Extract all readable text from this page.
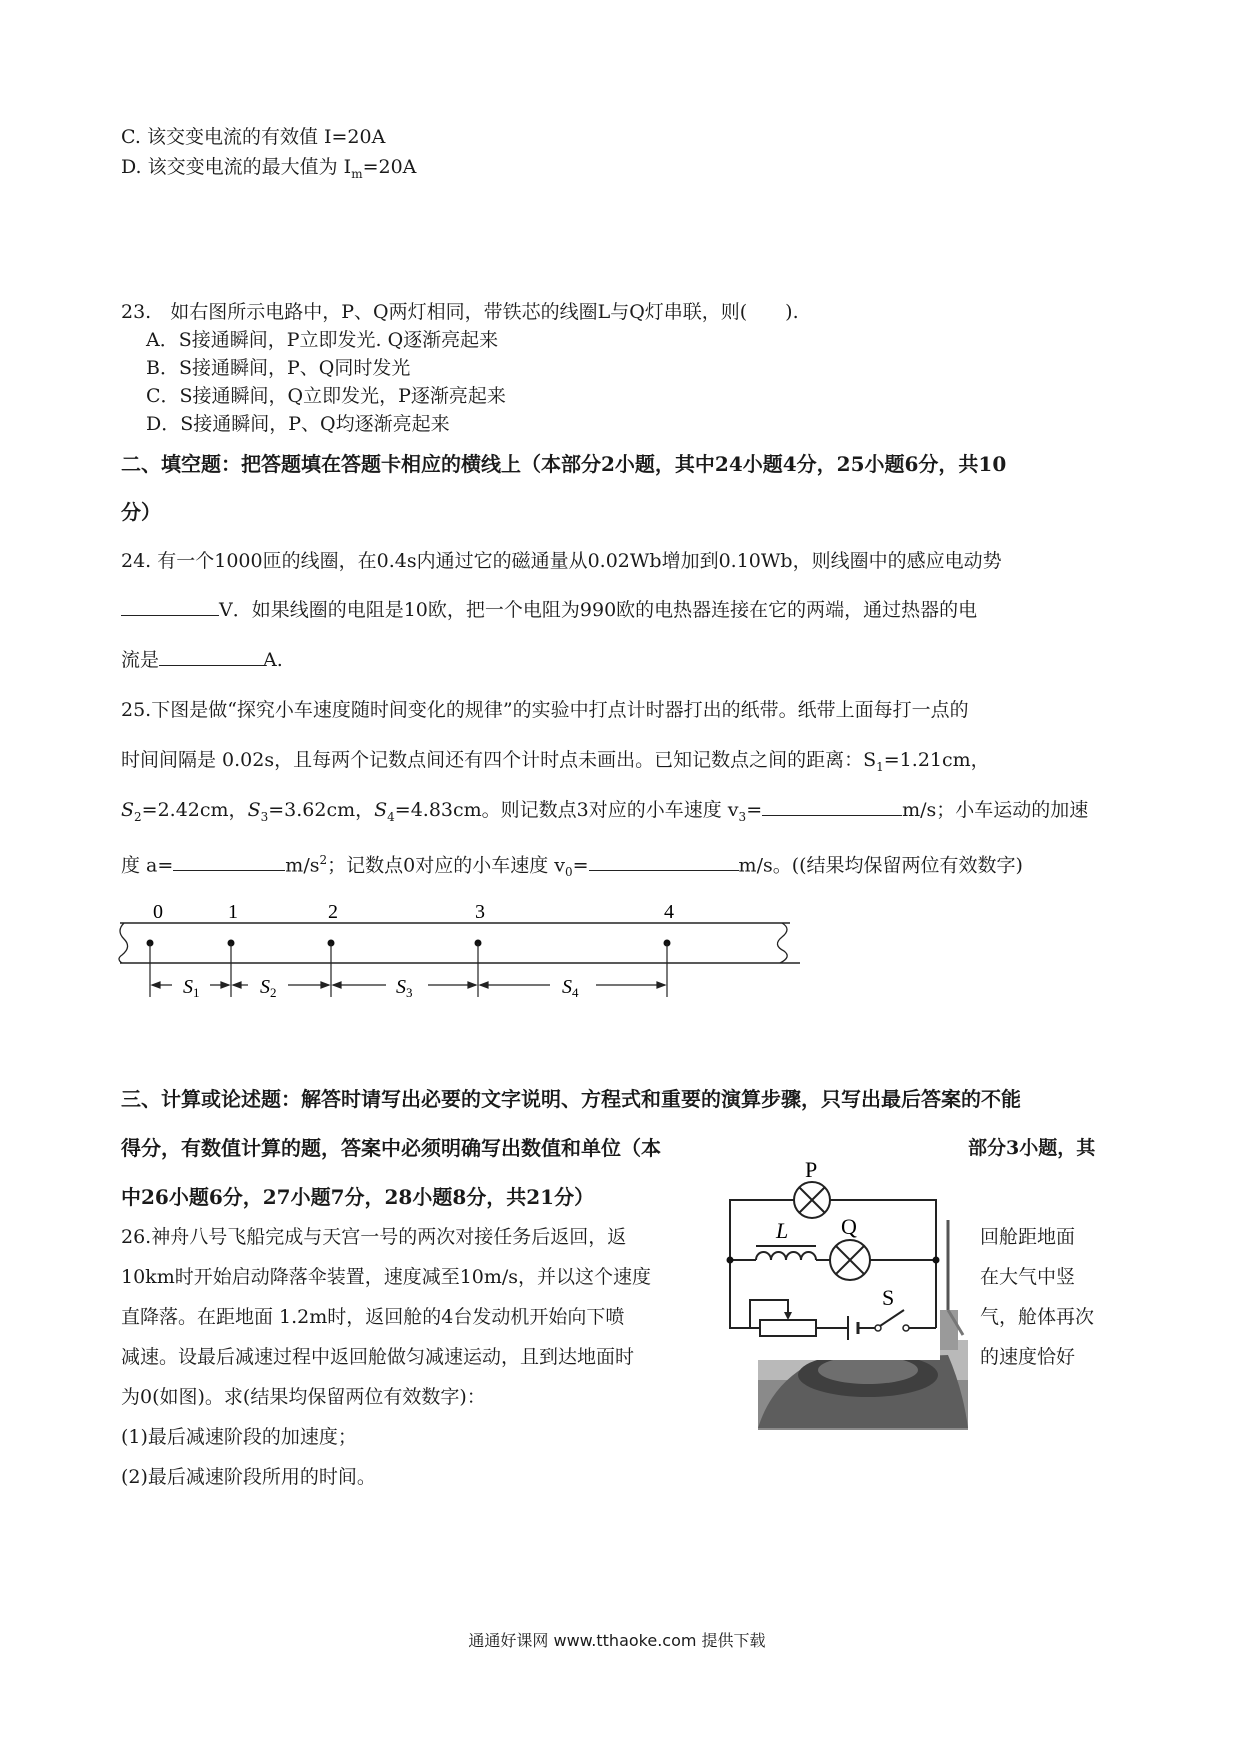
C. 该交变电流的有效值 I=20A
D. 该交变电流的最大值为 $I_m=20A$
23.　如右图所示电路中，P、Q两灯相同，带铁芯的线圈L与Q灯串联，则(　　).
A．S接通瞬间，P立即发光. Q逐渐亮起来
B．S接通瞬间，P、Q同时发光
C．S接通瞬间，Q立即发光，P逐渐亮起来
D．S接通瞬间，P、Q均逐渐亮起来
二、填空题：把答题填在答题卡相应的横线上（本部分2小题，其中24小题4分，25小题6分，共10
分）
24. 有一个1000匝的线圈，在0.4s内通过它的磁通量从0.02Wb增加到0.10Wb，则线圈中的感应电动势
V．如果线圈的电阻是10欧，把一个电阻为990欧的电热器连接在它的两端，通过热器的电
流是	A.
25.下图是做“探究小车速度随时间变化的规律”的实验中打点计时器打出的纸带。纸带上面每打一点的
时间间隔是 0.02s，且每两个记数点间还有四个计时点未画出。已知记数点之间的距离：$S_1=1.21cm$，
$S_2=2.42cm$，$S_3=3.62cm$，$S_4=4.83cm$。则记数点3对应的小车速度 $v_3=$	m/s；小车运动的加速
度 a=	$m/s^2$；记数点0对应的小车速度 $v_0=$	m/s。((结果均保留两位有效数字)
0	1	2	3	4
$S_1$	$S_2$	$S_3$	$S_4$
三、计算或论述题：解答时请写出必要的文字说明、方程式和重要的演算步骤，只写出最后答案的不能
得分，有数值计算的题，答案中必须明确写出数值和单位（本	部分3小题，其
中26小题6分，27小题7分，28小题8分，共21分）
26.神舟八号飞船完成与天宫一号的两次对接任务后返回，返	回舱距地面
10km时开始启动降落伞装置，速度减至10m/s，并以这个速度	在大气中竖
直降落。在距地面 1.2m时，返回舱的4台发动机开始向下喷	气，舱体再次
减速。设最后减速过程中返回舱做匀减速运动，且到达地面时	的速度恰好
为0(如图)。求(结果均保留两位有效数字)：
(1)最后减速阶段的加速度；
(2)最后减速阶段所用的时间。
P
L Q
S
通通好课网 www.tthaoke.com 提供下载
